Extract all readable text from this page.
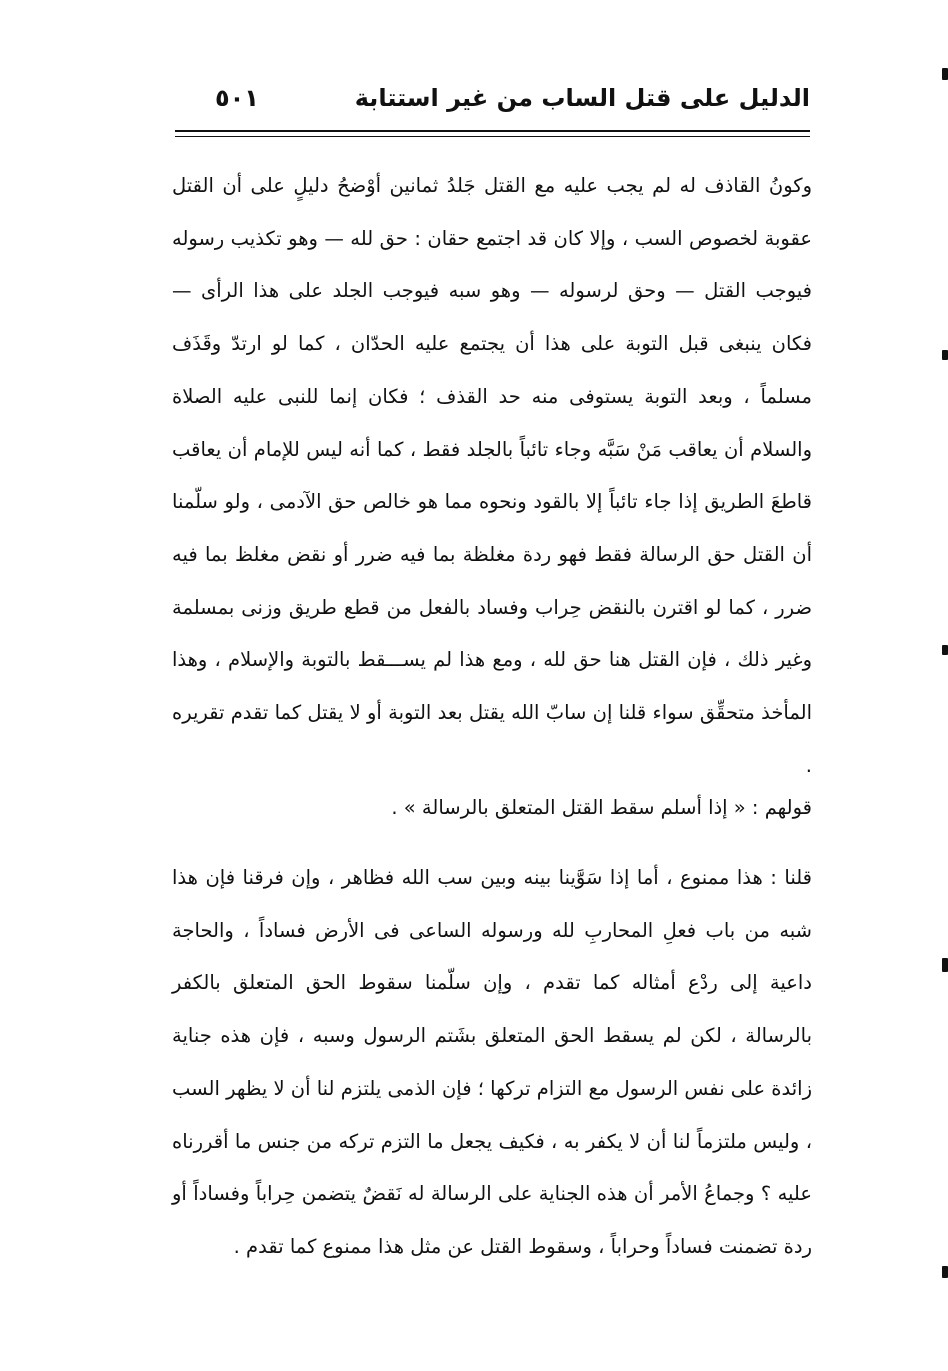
الدليل على قتل الساب من غير استتابة
٥٠١

وكونُ القاذف له لم يجب عليه مع القتل جَلدُ ثمانين أوْضحُ دليلٍ على أن القتل عقوبة لخصوص السب ، وإلا كان قد اجتمع حقان : حق لله — وهو تكذيب رسوله فيوجب القتل — وحق لرسوله — وهو سبه فيوجب الجلد على هذا الرأى — فكان ينبغى قبل التوبة على هذا أن يجتمع عليه الحدّان ، كما لو ارتدّ وقَذَف مسلماً ، وبعد التوبة يستوفى منه حد القذف ؛ فكان إنما للنبى عليه الصلاة والسلام أن يعاقب مَنْ سَبَّه وجاء تائباً بالجلد فقط ، كما أنه ليس للإمام أن يعاقب قاطعَ الطريق إذا جاء تائباً إلا بالقود ونحوه مما هو خالص حق الآدمى ، ولو سلّمنا أن القتل حق الرسالة فقط فهو ردة مغلظة بما فيه ضرر أو نقض مغلظ بما فيه ضرر ، كما لو اقترن بالنقض حِراب وفساد بالفعل من قطع طريق وزنى بمسلمة وغير ذلك ، فإن القتل هنا حق لله ، ومع هذا لم يســـقط بالتوبة والإسلام ، وهذا المأخذ متحقِّق سواء قلنا إن سابّ الله يقتل بعد التوبة أو لا يقتل كما تقدم تقريره .

قولهم : « إذا أسلم سقط القتل المتعلق بالرسالة » .

قلنا : هذا ممنوع ، أما إذا سَوَّينا بينه وبين سب الله فظاهر ، وإن فرقنا فإن هذا شبه من باب فعلِ المحاربِ لله ورسوله الساعى فى الأرض فساداً ، والحاجة داعية إلى ردْع أمثاله كما تقدم ، وإن سلّمنا سقوط الحق المتعلق بالكفر بالرسالة ، لكن لم يسقط الحق المتعلق بشَتم الرسول وسبه ، فإن هذه جناية زائدة على نفس الرسول مع التزام تركها ؛ فإن الذمى يلتزم لنا أن لا يظهر السب ، وليس ملتزماً لنا أن لا يكفر به ، فكيف يجعل ما التزم تركه من جنس ما أقررناه عليه ؟ وجماعُ الأمر أن هذه الجناية على الرسالة له نَقضٌ يتضمن حِراباً وفساداً أو ردة تضمنت فساداً وحراباً ، وسقوط القتل عن مثل هذا ممنوع كما تقدم .
